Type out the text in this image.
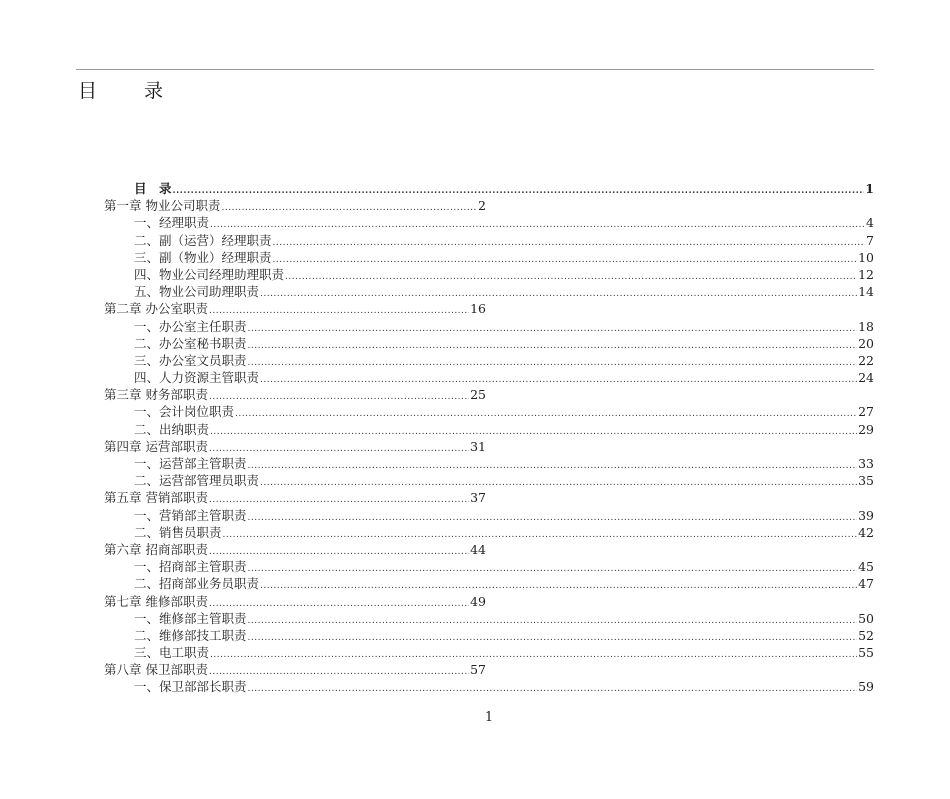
目　录
目　录 .....	1
第一章 物业公司职责 .....	2
一、经理职责 .....	4
二、副（运营）经理职责 .....	7
三、副（物业）经理职责 .....	10
四、物业公司经理助理职责 .....	12
五、物业公司助理职责 .....	14
第二章 办公室职责 .....	16
一、办公室主任职责 .....	18
二、办公室秘书职责 .....	20
三、办公室文员职责 .....	22
四、人力资源主管职责 .....	24
第三章 财务部职责 .....	25
一、会计岗位职责 .....	27
二、出纳职责 .....	29
第四章 运营部职责 .....	31
一、运营部主管职责 .....	33
二、运营部管理员职责 .....	35
第五章 营销部职责 .....	37
一、营销部主管职责 .....	39
二、销售员职责 .....	42
第六章 招商部职责 .....	44
一、招商部主管职责 .....	45
二、招商部业务员职责 .....	47
第七章 维修部职责 .....	49
一、维修部主管职责 .....	50
二、维修部技工职责 .....	52
三、电工职责 .....	55
第八章 保卫部职责 .....	57
一、保卫部部长职责 .....	59
1
